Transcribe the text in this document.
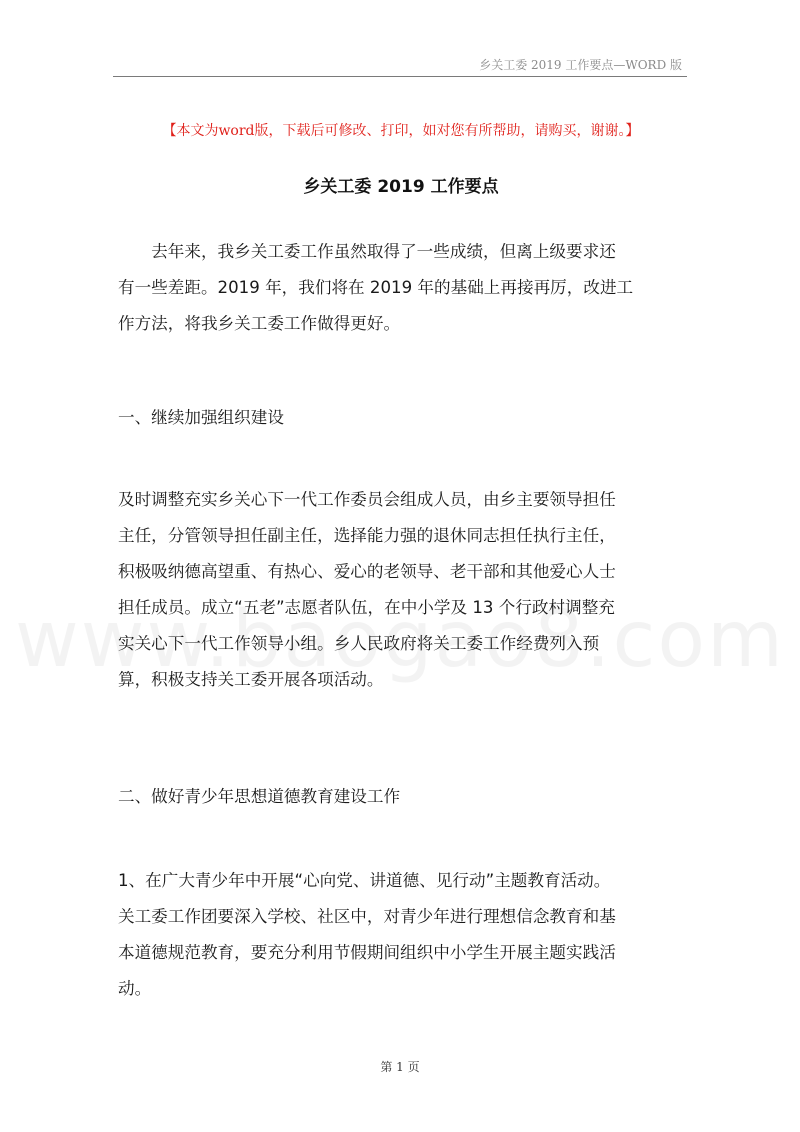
乡关工委 2019 工作要点—WORD 版
【本文为word版，下载后可修改、打印，如对您有所帮助，请购买，谢谢。】
乡关工委 2019 工作要点
　　去年来，我乡关工委工作虽然取得了一些成绩，但离上级要求还
有一些差距。2019 年，我们将在 2019 年的基础上再接再厉，改进工
作方法，将我乡关工委工作做得更好。
一、继续加强组织建设
及时调整充实乡关心下一代工作委员会组成人员，由乡主要领导担任
主任，分管领导担任副主任，选择能力强的退休同志担任执行主任，
积极吸纳德高望重、有热心、爱心的老领导、老干部和其他爱心人士
担任成员。成立“五老”志愿者队伍，在中小学及 13 个行政村调整充
实关心下一代工作领导小组。乡人民政府将关工委工作经费列入预
算，积极支持关工委开展各项活动。
二、做好青少年思想道德教育建设工作
1、在广大青少年中开展“心向党、讲道德、见行动”主题教育活动。
关工委工作团要深入学校、社区中，对青少年进行理想信念教育和基
本道德规范教育，要充分利用节假期间组织中小学生开展主题实践活
动。
第 1 页
